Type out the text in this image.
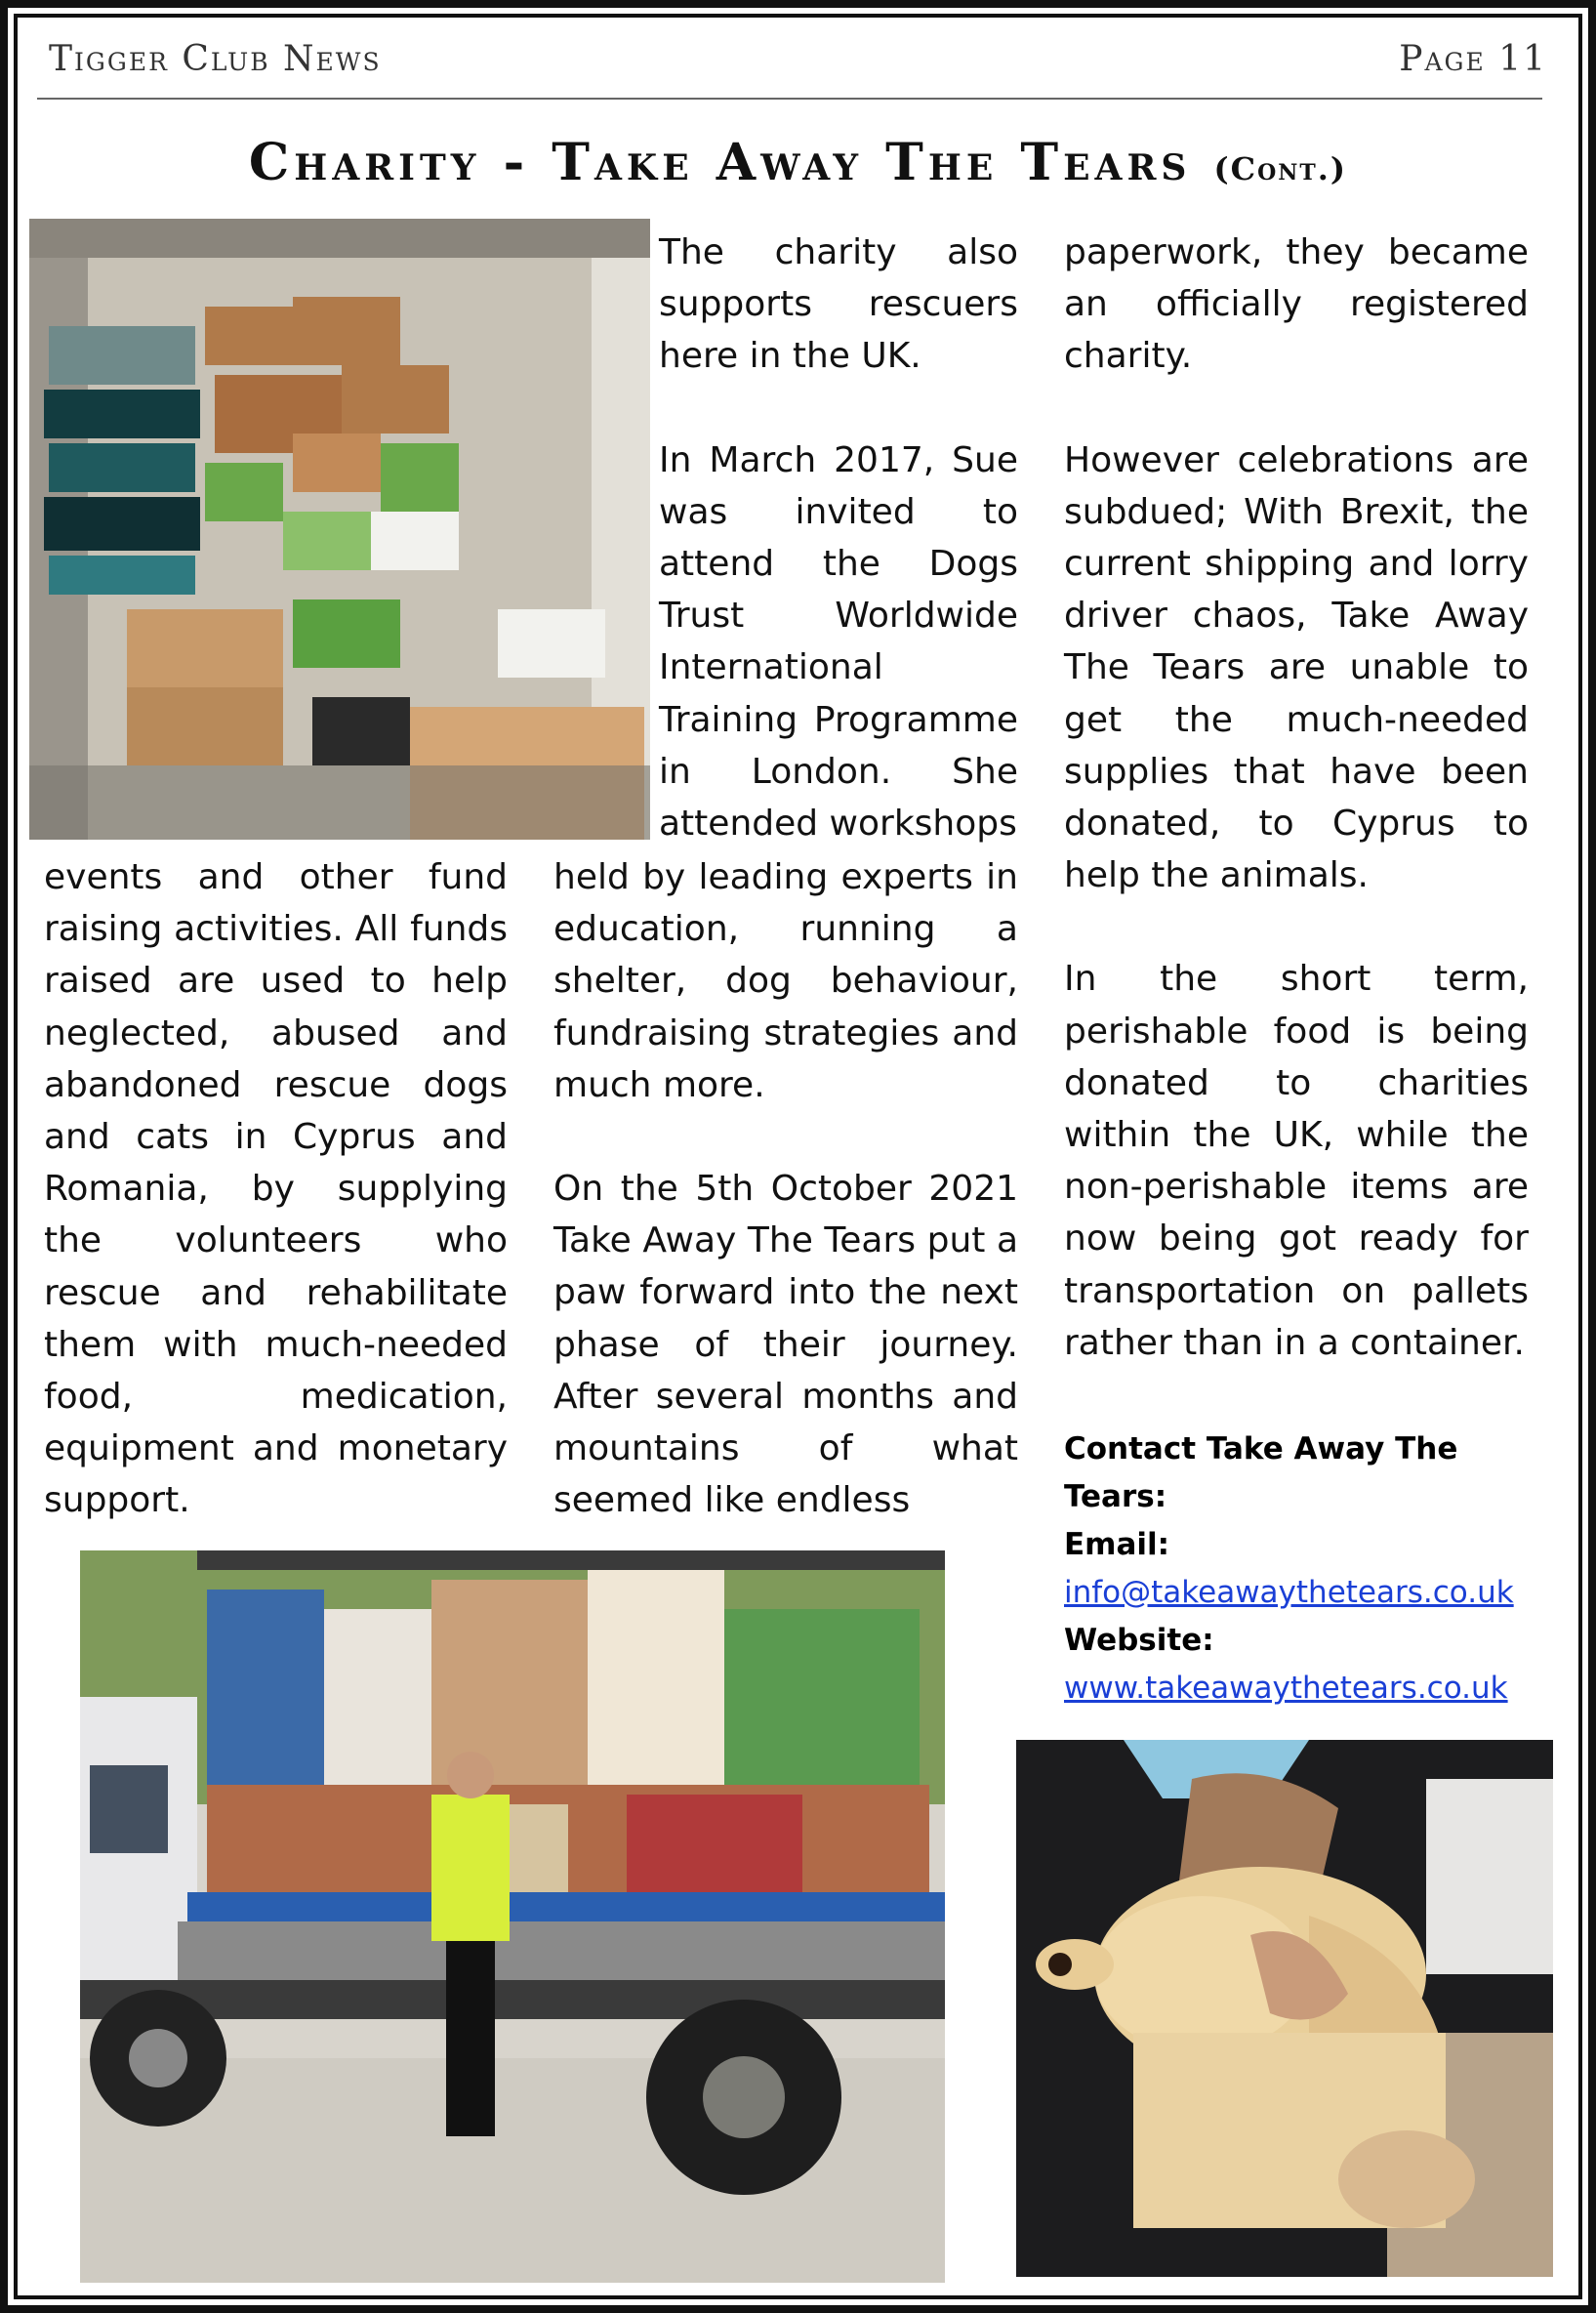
Tigger Club News	Page 11
Charity - Take Away The Tears (Cont.)

The charity also supports rescuers here in the UK.

In March 2017, Sue was invited to attend the Dogs Trust Worldwide International Training Programme in London. She attended workshops

events and other fund raising activities. All funds raised are used to help neglected, abused and abandoned rescue dogs and cats in Cyprus and Romania, by supplying the volunteers who rescue and rehabilitate them with much-needed food, medication, equipment and monetary support.

held by leading experts in education, running a shelter, dog behaviour, fundraising strategies and much more.

On the 5th October 2021 Take Away The Tears put a paw forward into the next phase of their journey. After several months and mountains of what seemed like endless

paperwork, they became an officially registered charity.

However celebrations are subdued; With Brexit, the current shipping and lorry driver chaos, Take Away The Tears are unable to get the much-needed supplies that have been donated, to Cyprus to help the animals.

In the short term, perishable food is being donated to charities within the UK, while the non-perishable items are now being got ready for transportation on pallets rather than in a container.

Contact Take Away The Tears:
Email:
info@takeawaythetears.co.uk
Website:
www.takeawaythetears.co.uk
